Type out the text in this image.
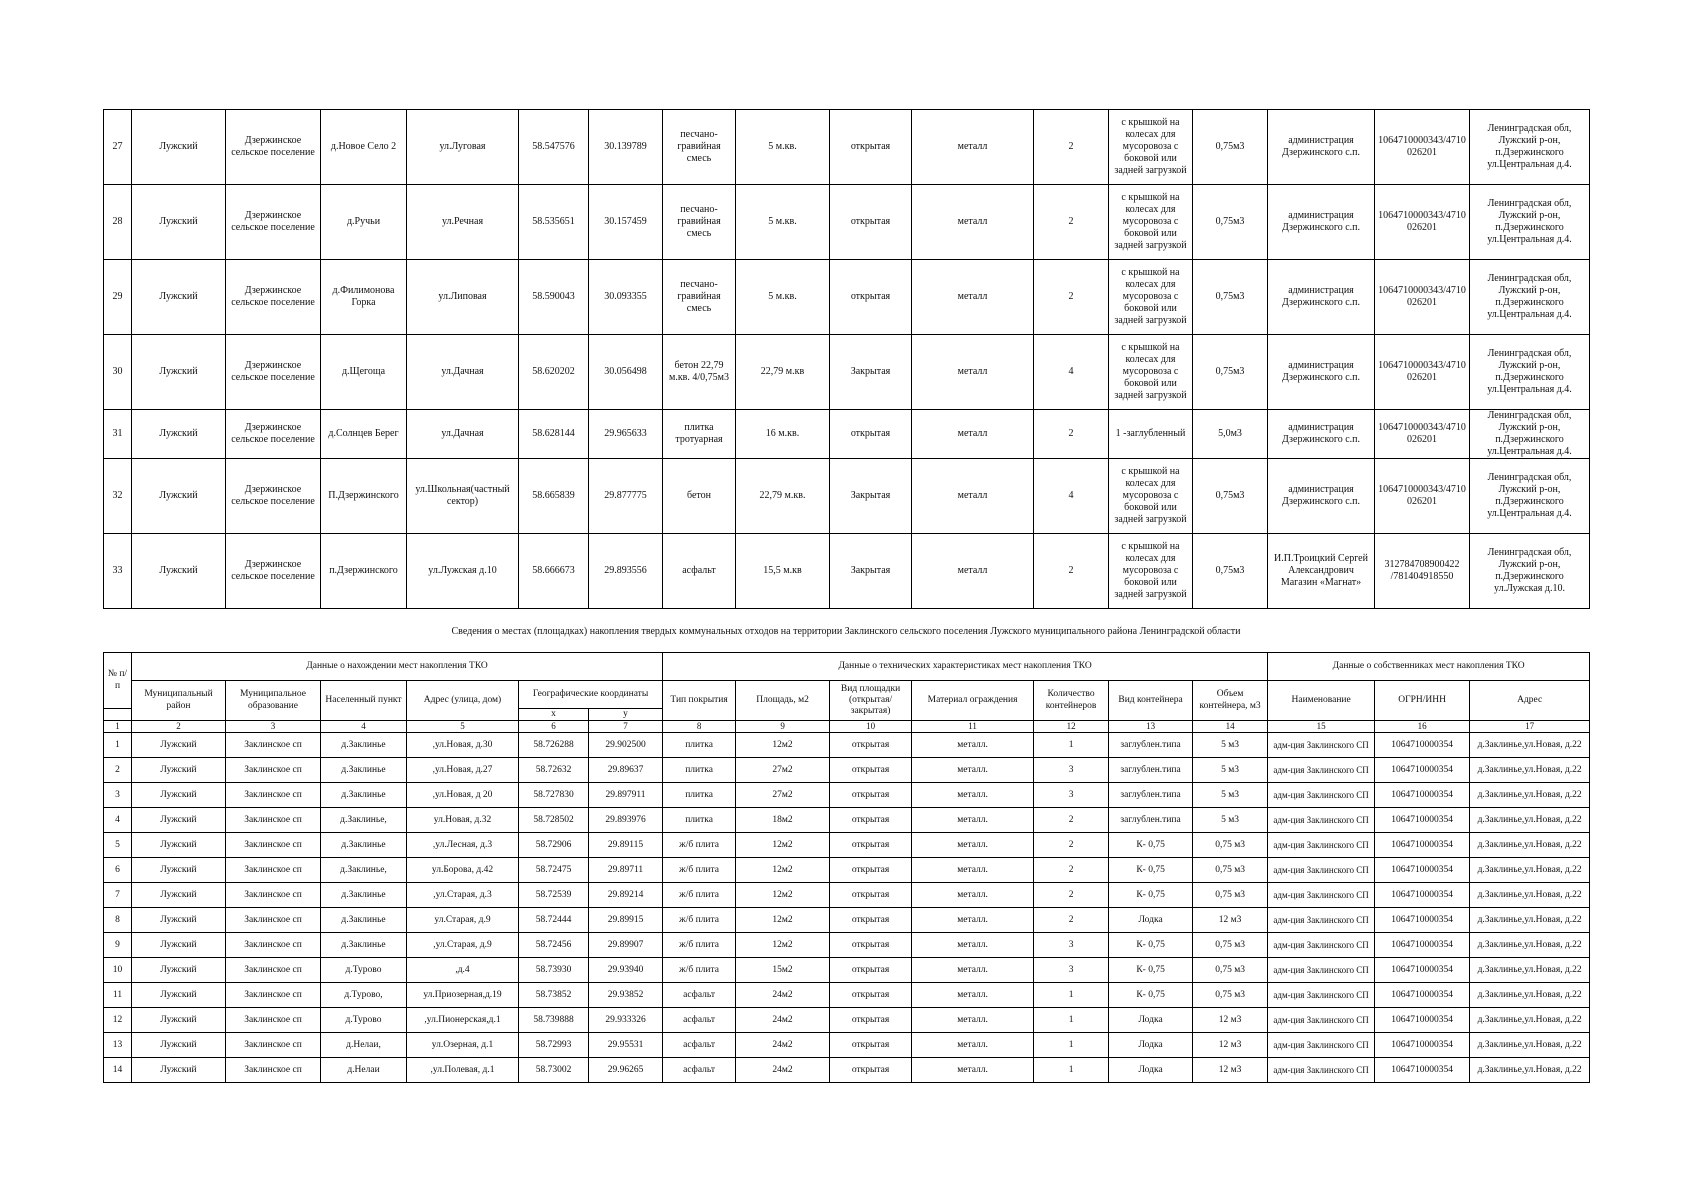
27	Лужский	Дзержинское сельское поселение	д.Новое Село 2	ул.Луговая	58.547576	30.139789	песчано-гравийная смесь	5 м.кв.	открытая	металл	2	с крышкой на колесах для мусоровоза с боковой или задней загрузкой	0,75м3	администрация Дзержинского с.п.	1064710000343/4710026201	Ленинградская обл, Лужский р-он, п.Дзержинского ул.Центральная д.4.
28	Лужский	Дзержинское сельское поселение	д.Ручьи	ул.Речная	58.535651	30.157459	песчано-гравийная смесь	5 м.кв.	открытая	металл	2	с крышкой на колесах для мусоровоза с боковой или задней загрузкой	0,75м3	администрация Дзержинского с.п.	1064710000343/4710026201	Ленинградская обл, Лужский р-он, п.Дзержинского ул.Центральная д.4.
29	Лужский	Дзержинское сельское поселение	д.Филимонова Горка	ул.Липовая	58.590043	30.093355	песчано-гравийная смесь	5 м.кв.	открытая	металл	2	с крышкой на колесах для мусоровоза с боковой или задней загрузкой	0,75м3	администрация Дзержинского с.п.	1064710000343/4710026201	Ленинградская обл, Лужский р-он, п.Дзержинского ул.Центральная д.4.
30	Лужский	Дзержинское сельское поселение	д.Щегоща	ул.Дачная	58.620202	30.056498	бетон 22,79 м.кв. 4/0,75м3	22,79 м.кв	Закрытая	металл	4	с крышкой на колесах для мусоровоза с боковой или задней загрузкой	0,75м3	администрация Дзержинского с.п.	1064710000343/4710026201	Ленинградская обл, Лужский р-он, п.Дзержинского ул.Центральная д.4.
31	Лужский	Дзержинское сельское поселение	д.Солнцев Берег	ул.Дачная	58.628144	29.965633	плитка тротуарная	16 м.кв.	открытая	металл	2	1 -заглубленный	5,0м3	администрация Дзержинского с.п.	1064710000343/4710026201	Ленинградская обл, Лужский р-он, п.Дзержинского ул.Центральная д.4.
32	Лужский	Дзержинское сельское поселение	П.Дзержинского	ул.Школьная(частный сектор)	58.665839	29.877775	бетон	22,79 м.кв.	Закрытая	металл	4	с крышкой на колесах для мусоровоза с боковой или задней загрузкой	0,75м3	администрация Дзержинского с.п.	1064710000343/4710026201	Ленинградская обл, Лужский р-он, п.Дзержинского ул.Центральная д.4.
33	Лужский	Дзержинское сельское поселение	п.Дзержинского	ул.Лужская д.10	58.666673	29.893556	асфальт	15,5 м.кв	Закрытая	металл	2	с крышкой на колесах для мусоровоза с боковой или задней загрузкой	0,75м3	И.П.Троицкий Сергей Александрович Магазин «Магнат»	312784708900422 /781404918550	Ленинградская обл, Лужский р-он, п.Дзержинского ул.Лужская д.10.
Сведения о местах (площадках) накопления твердых коммунальных отходов на территории Заклинского сельского поселения Лужского муниципального района Ленинградской области
№ п/п	Данные о нахождении мест накопления ТКО						Данные о технических характеристиках мест накопления ТКО							Данные о собственниках мест накопления ТКО		
	Муниципальный район	Муниципальное образование	Населенный пункт	Адрес (улица, дом)	Географические координаты		Тип покрытия	Площадь, м2	Вид площадки (открытая/закрытая)	Материал ограждения	Количество контейнеров	Вид контейнера	Объем контейнера, м3	Наименование	ОГРН/ИНН	Адрес
					x	y										
1	2	3	4	5	6	7	8	9	10	11	12	13	14	15	16	17
1	Лужский	Заклинское сп	д.Заклинье	,ул.Новая, д.30	58.726288	29.902500	плитка	12м2	открытая	металл.	1	заглублен.типа	5 м3	адм-ция Заклинского СП	1064710000354	д.Заклинье,ул.Новая, д.22
2	Лужский	Заклинское сп	д.Заклинье	,ул.Новая, д.27	58.72632	29.89637	плитка	27м2	открытая	металл.	3	заглублен.типа	5 м3	адм-ция Заклинского СП	1064710000354	д.Заклинье,ул.Новая, д.22
3	Лужский	Заклинское сп	д.Заклинье	,ул.Новая, д 20	58.727830	29.897911	плитка	27м2	открытая	металл.	3	заглублен.типа	5 м3	адм-ция Заклинского СП	1064710000354	д.Заклинье,ул.Новая, д.22
4	Лужский	Заклинское сп	д.Заклинье,	ул.Новая, д.32	58.728502	29.893976	плитка	18м2	открытая	металл.	2	заглублен.типа	5 м3	адм-ция Заклинского СП	1064710000354	д.Заклинье,ул.Новая, д.22
5	Лужский	Заклинское сп	д.Заклинье	,ул.Лесная, д.3	58.72906	29.89115	ж/б плита	12м2	открытая	металл.	2	К- 0,75	0,75 м3	адм-ция Заклинского СП	1064710000354	д.Заклинье,ул.Новая, д.22
6	Лужский	Заклинское сп	д.Заклинье,	ул.Борова, д.42	58.72475	29.89711	ж/б плита	12м2	открытая	металл.	2	К- 0,75	0,75 м3	адм-ция Заклинского СП	1064710000354	д.Заклинье,ул.Новая, д.22
7	Лужский	Заклинское сп	д.Заклинье	,ул.Старая, д.3	58.72539	29.89214	ж/б плита	12м2	открытая	металл.	2	К- 0,75	0,75 м3	адм-ция Заклинского СП	1064710000354	д.Заклинье,ул.Новая, д.22
8	Лужский	Заклинское сп	д.Заклинье	ул.Старая, д.9	58.72444	29.89915	ж/б плита	12м2	открытая	металл.	2	Лодка	12 м3	адм-ция Заклинского СП	1064710000354	д.Заклинье,ул.Новая, д.22
9	Лужский	Заклинское сп	д.Заклинье	,ул.Старая, д.9	58.72456	29.89907	ж/б плита	12м2	открытая	металл.	3	К- 0,75	0,75 м3	адм-ция Заклинского СП	1064710000354	д.Заклинье,ул.Новая, д.22
10	Лужский	Заклинское сп	д.Турово	,д.4	58.73930	29.93940	ж/б плита	15м2	открытая	металл.	3	К- 0,75	0,75 м3	адм-ция Заклинского СП	1064710000354	д.Заклинье,ул.Новая, д.22
11	Лужский	Заклинское сп	д.Турово,	ул.Приозерная,д.19	58.73852	29.93852	асфальт	24м2	открытая	металл.	1	К- 0,75	0,75 м3	адм-ция Заклинского СП	1064710000354	д.Заклинье,ул.Новая, д.22
12	Лужский	Заклинское сп	д.Турово	,ул.Пионерская,д.1	58.739888	29.933326	асфальт	24м2	открытая	металл.	1	Лодка	12 м3	адм-ция Заклинского СП	1064710000354	д.Заклинье,ул.Новая, д.22
13	Лужский	Заклинское сп	д.Нелаи,	ул.Озерная, д.1	58.72993	29.95531	асфальт	24м2	открытая	металл.	1	Лодка	12 м3	адм-ция Заклинского СП	1064710000354	д.Заклинье,ул.Новая, д.22
14	Лужский	Заклинское сп	д.Нелаи	,ул.Полевая, д.1	58.73002	29.96265	асфальт	24м2	открытая	металл.	1	Лодка	12 м3	адм-ция Заклинского СП	1064710000354	д.Заклинье,ул.Новая, д.22
